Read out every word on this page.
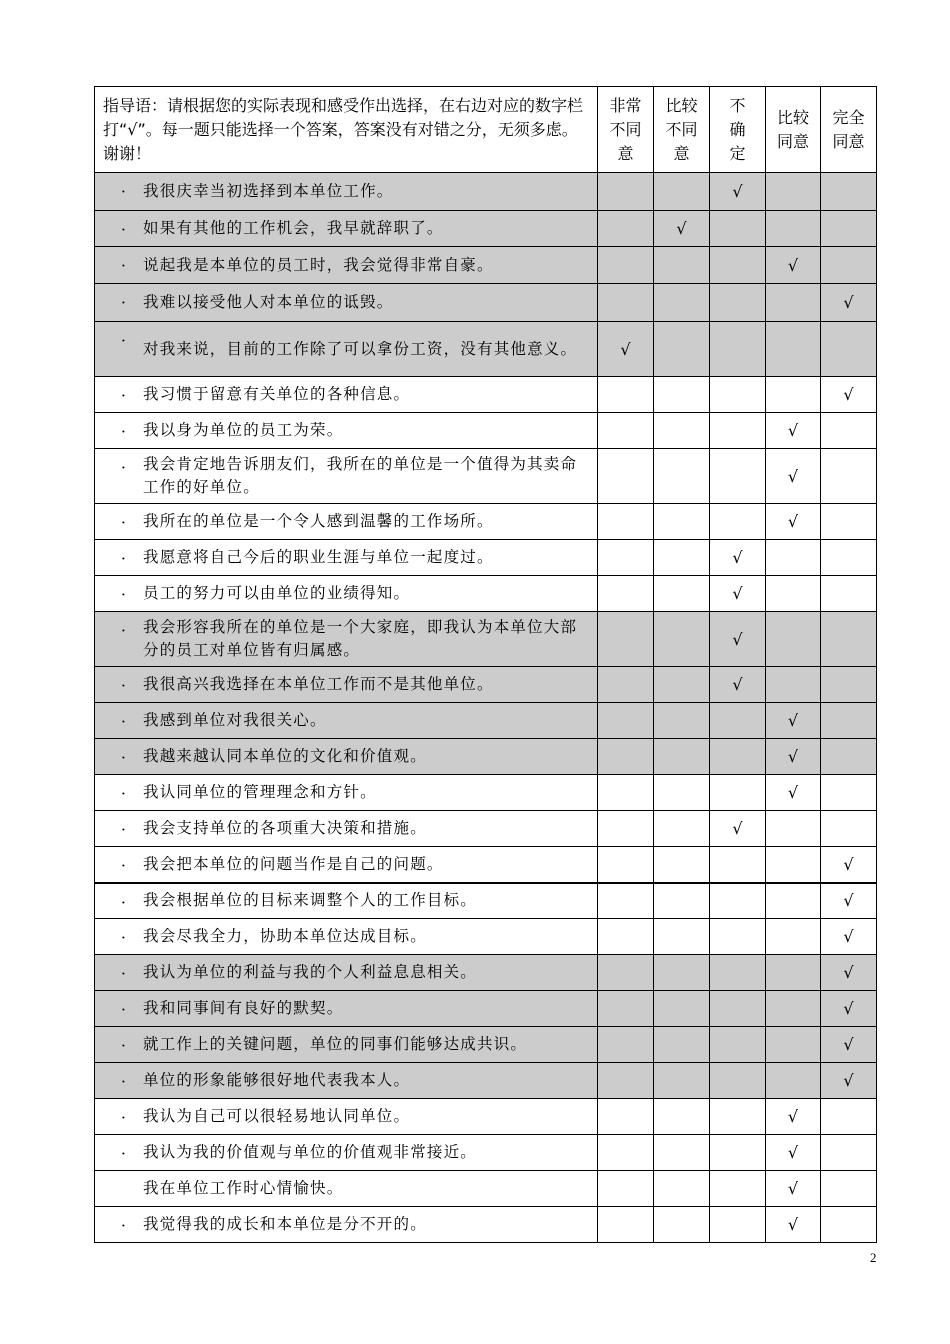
指导语：请根据您的实际表现和感受作出选择，在右边对应的数字栏打“√”。每一题只能选择一个答案，答案没有对错之分，无须多虑。谢谢！	非常不同意	比较不同意	不确定	比较同意	完全同意

． 我很庆幸当初选择到本单位工作。			√		

． 如果有其他的工作机会，我早就辞职了。		√			

． 说起我是本单位的员工时，我会觉得非常自豪。				√	

． 我难以接受他人对本单位的诋毁。					√

．
对我来说，目前的工作除了可以拿份工资，没有其他意义。	√				

． 我习惯于留意有关单位的各种信息。					√

． 我以身为单位的员工为荣。				√	

． 我会肯定地告诉朋友们，我所在的单位是一个值得为其卖命工作的好单位。				√	

． 我所在的单位是一个令人感到温馨的工作场所。				√	

． 我愿意将自己今后的职业生涯与单位一起度过。			√		

． 员工的努力可以由单位的业绩得知。			√		

． 我会形容我所在的单位是一个大家庭，即我认为本单位大部分的员工对单位皆有归属感。			√		

． 我很高兴我选择在本单位工作而不是其他单位。			√		

． 我感到单位对我很关心。				√	

． 我越来越认同本单位的文化和价值观。				√	

． 我认同单位的管理理念和方针。				√	

． 我会支持单位的各项重大决策和措施。			√		

． 我会把本单位的问题当作是自己的问题。					√

． 我会根据单位的目标来调整个人的工作目标。					√

． 我会尽我全力，协助本单位达成目标。					√

． 我认为单位的利益与我的个人利益息息相关。					√

． 我和同事间有良好的默契。					√

． 就工作上的关键问题，单位的同事们能够达成共识。					√

． 单位的形象能够很好地代表我本人。					√

． 我认为自己可以很轻易地认同单位。				√	

． 我认为我的价值观与单位的价值观非常接近。				√	

我在单位工作时心情愉快。				√	

． 我觉得我的成长和本单位是分不开的。				√	
2
